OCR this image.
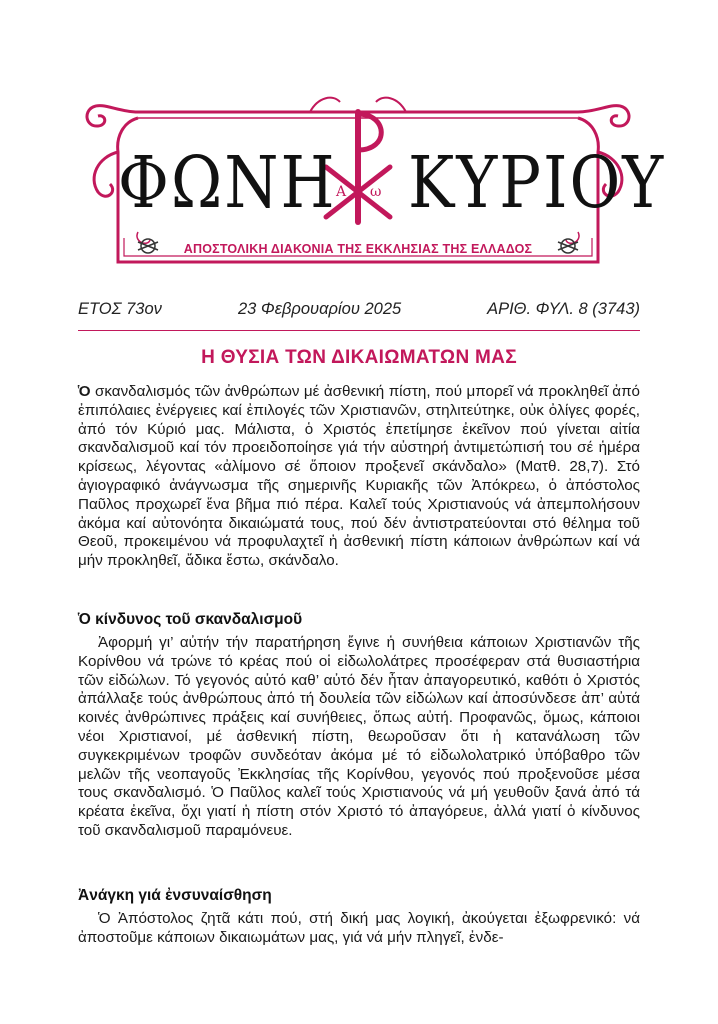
Α ω
ΦΩΝΗ ΚΥΡΙΟΥ
ΑΠΟΣΤΟΛΙΚΗ ΔΙΑΚΟΝΙΑ ΤΗΣ ΕΚΚΛΗΣΙΑΣ ΤΗΣ ΕΛΛΑΔΟΣ
ΕΤΟΣ 73ον	23 Φεβρουαρίου 2025	ΑΡΙΘ. ΦΥΛ. 8 (3743)
Η ΘΥΣΙΑ ΤΩΝ ΔΙΚΑΙΩΜΑΤΩΝ ΜΑΣ
Ὁ σκανδαλισμός τῶν ἀνθρώπων μέ ἀσθενική πίστη, πού μπορεῖ νά προκληθεῖ ἀπό ἐπιπόλαιες ἐνέργειες καί ἐπιλογές τῶν Χριστιανῶν, στηλιτεύτηκε, οὐκ ὀλίγες φορές, ἀπό τόν Κύριό μας. Μάλιστα, ὁ Χριστός ἐπετίμησε ἐκεῖνον πού γίνεται αἰτία σκανδαλισμοῦ καί τόν προειδοποίησε γιά τήν αὐστηρή ἀντιμετώπισή του σέ ἡμέρα κρίσεως, λέγοντας «ἀλίμονο σέ ὅποιον προξενεῖ σκάνδαλο» (Ματθ. 28,7). Στό ἁγιογραφικό ἀνάγνωσμα τῆς σημερινῆς Κυριακῆς τῶν Ἀπόκρεω, ὁ ἀπόστολος Παῦλος προχωρεῖ ἕνα βῆμα πιό πέρα. Καλεῖ τούς Χριστιανούς νά ἀπεμπολήσουν ἀκόμα καί αὐτονόητα δικαιώματά τους, πού δέν ἀντιστρατεύονται στό θέλημα τοῦ Θεοῦ, προκειμένου νά προφυλαχτεῖ ἡ ἀσθενική πίστη κάποιων ἀνθρώπων καί νά μήν προκληθεῖ, ἄδικα ἔστω, σκάνδαλο.
Ὁ κίνδυνος τοῦ σκανδαλισμοῦ
Ἀφορμή γι’ αὐτήν τήν παρατήρηση ἔγινε ἡ συνήθεια κάποιων Χριστιανῶν τῆς Κορίνθου νά τρώνε τό κρέας πού οἱ εἰδωλολάτρες προσέφεραν στά θυσιαστήρια τῶν εἰδώλων. Τό γεγονός αὐτό καθ’ αὐτό δέν ἦταν ἀπαγορευτικό, καθότι ὁ Χριστός ἀπάλλαξε τούς ἀνθρώπους ἀπό τή δουλεία τῶν εἰδώλων καί ἀποσύνδεσε ἀπ’ αὐτά κοινές ἀνθρώπινες πράξεις καί συνήθειες, ὅπως αὐτή. Προφανῶς, ὅμως, κάποιοι νέοι Χριστιανοί, μέ ἀσθενική πίστη, θεωροῦσαν ὅτι ἡ κατανάλωση τῶν συγκεκριμένων τροφῶν συνδεόταν ἀκόμα μέ τό εἰδωλολατρικό ὑπόβαθρο τῶν μελῶν τῆς νεοπαγοῦς Ἐκκλησίας τῆς Κορίνθου, γεγονός πού προξενοῦσε μέσα τους σκανδαλισμό. Ὁ Παῦλος καλεῖ τούς Χριστιανούς νά μή γευθοῦν ξανά ἀπό τά κρέατα ἐκεῖνα, ὄχι γιατί ἡ πίστη στόν Χριστό τό ἀπαγόρευε, ἀλλά γιατί ὁ κίνδυνος τοῦ σκανδαλισμοῦ παραμόνευε.
Ἀνάγκη γιά ἐνσυναίσθηση
Ὁ Ἀπόστολος ζητᾶ κάτι πού, στή δική μας λογική, ἀκούγεται ἐξωφρενικό: νά ἀποστοῦμε κάποιων δικαιωμάτων μας, γιά νά μήν πληγεῖ, ἐνδε-
